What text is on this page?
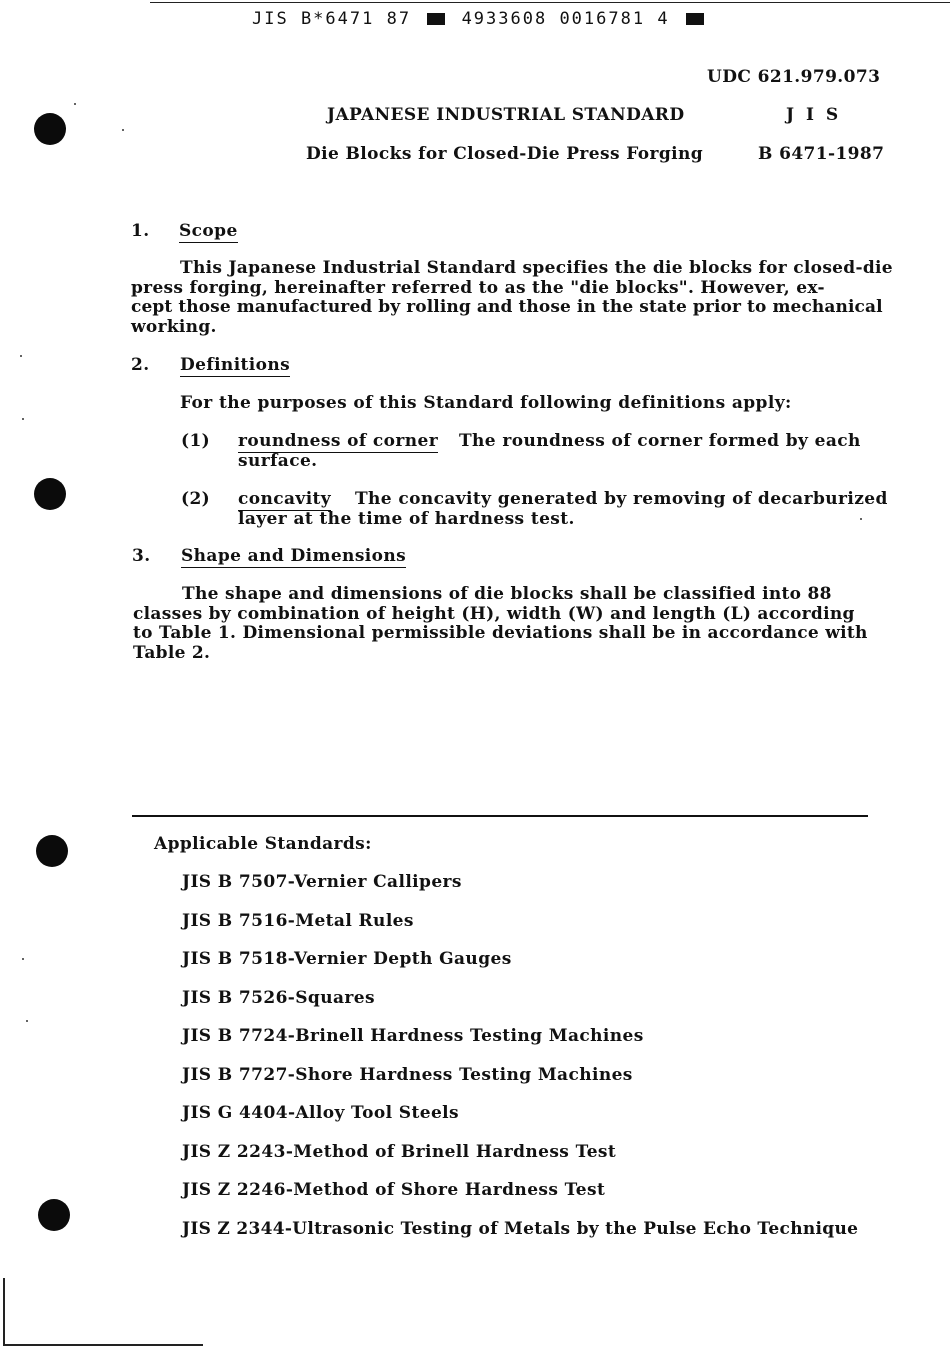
JIS B*6471 87	4933608 0016781 4
UDC 621.979.073
JAPANESE INDUSTRIAL STANDARD	J I S
Die Blocks for Closed-Die Press Forging	B 6471-1987
1. Scope
This Japanese Industrial Standard specifies the die blocks for closed-die
press forging, hereinafter referred to as the "die blocks". However, ex-
cept those manufactured by rolling and those in the state prior to mechanical
working.
2. Definitions
For the purposes of this Standard following definitions apply:
(1) roundness of corner The roundness of corner formed by each
surface.
(2) concavity The concavity generated by removing of decarburized
layer at the time of hardness test.
3. Shape and Dimensions
The shape and dimensions of die blocks shall be classified into 88
classes by combination of height (H), width (W) and length (L) according
to Table 1. Dimensional permissible deviations shall be in accordance with
Table 2.
Applicable Standards:
JIS B 7507-Vernier Callipers
JIS B 7516-Metal Rules
JIS B 7518-Vernier Depth Gauges
JIS B 7526-Squares
JIS B 7724-Brinell Hardness Testing Machines
JIS B 7727-Shore Hardness Testing Machines
JIS G 4404-Alloy Tool Steels
JIS Z 2243-Method of Brinell Hardness Test
JIS Z 2246-Method of Shore Hardness Test
JIS Z 2344-Ultrasonic Testing of Metals by the Pulse Echo Technique
